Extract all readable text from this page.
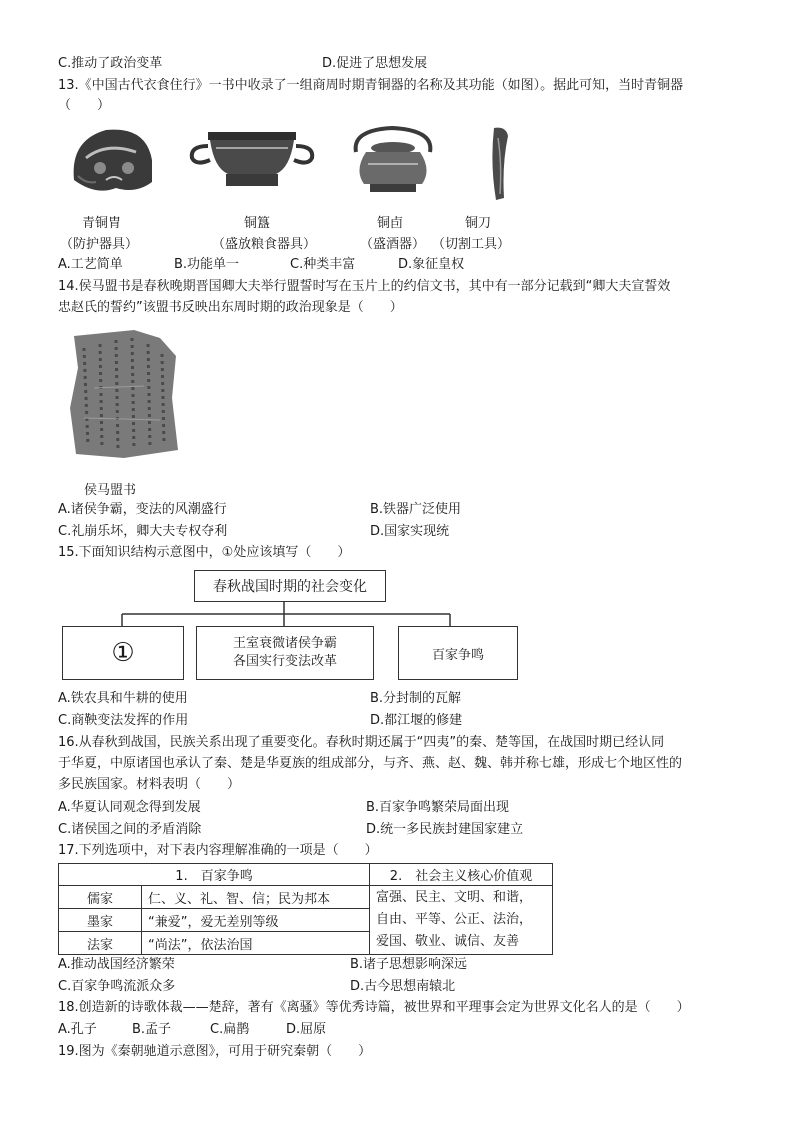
C.推动了政治变革	D.促进了思想发展
13.《中国古代衣食住行》一书中收录了一组商周时期青铜器的名称及其功能（如图）。据此可知，当时青铜器
（　　）
青铜胄	铜簋	铜卣	铜刀
（防护器具）	（盛放粮食器具）	（盛酒器） （切割工具）
A.工艺简单	B.功能单一	C.种类丰富	D.象征皇权
14.侯马盟书是春秋晚期晋国卿大夫举行盟誓时写在玉片上的约信文书，其中有一部分记载到“卿大夫宣誓效
忠赵氏的誓约”该盟书反映出东周时期的政治现象是（　　）
侯马盟书
A.诸侯争霸，变法的风潮盛行	B.铁器广泛使用
C.礼崩乐坏，卿大夫专权夺利	D.国家实现统
15.下面知识结构示意图中，①处应该填写（　　）
春秋战国时期的社会变化
①	王室衰微诸侯争霸
各国实行变法改革	百家争鸣
A.铁农具和牛耕的使用	B.分封制的瓦解
C.商鞅变法发挥的作用	D.都江堰的修建
16.从春秋到战国，民族关系出现了重要变化。春秋时期还属于“四夷”的秦、楚等国，在战国时期已经认同
于华夏，中原诸国也承认了秦、楚是华夏族的组成部分，与齐、燕、赵、魏、韩并称七雄，形成七个地区性的
多民族国家。材料表明（　　）
A.华夏认同观念得到发展	B.百家争鸣繁荣局面出现
C.诸侯国之间的矛盾消除	D.统一多民族封建国家建立
17.下列选项中，对下表内容理解准确的一项是（　　）
1.　百家争鸣		2.　社会主义核心价值观
儒家	仁、义、礼、智、信；民为邦本	富强、民主、文明、和谐，
自由、平等、公正、法治，
爱国、敬业、诚信、友善

墨家	“兼爱”，爱无差别等级	
法家	“尚法”，依法治国	
A.推动战国经济繁荣	B.诸子思想影响深远
C.百家争鸣流派众多	D.古今思想南辕北
18.创造新的诗歌体裁——楚辞，著有《离骚》等优秀诗篇，被世界和平理事会定为世界文化名人的是（　　）
A.孔子	B.孟子	C.扁鹊	D.屈原
19.图为《秦朝驰道示意图》，可用于研究秦朝（　　）
